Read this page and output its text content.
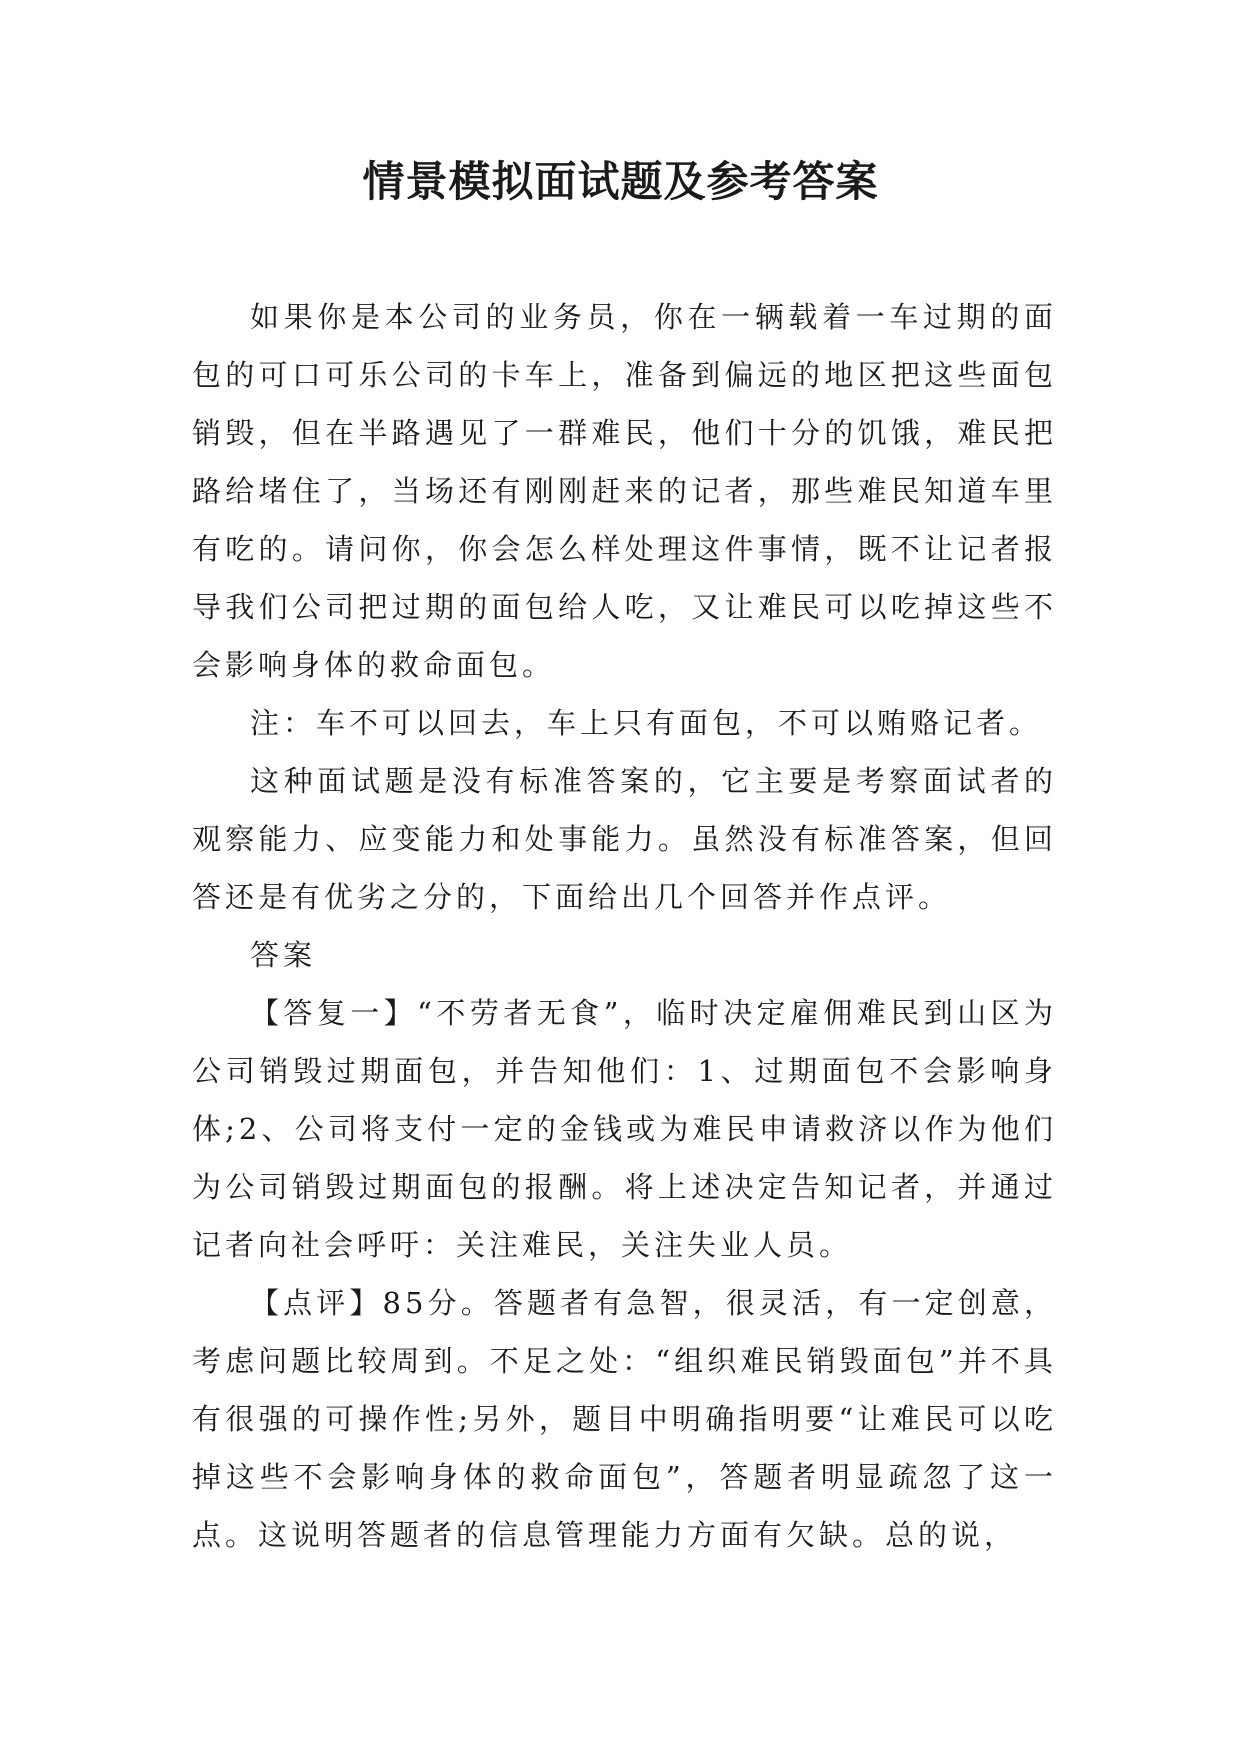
情景模拟面试题及参考答案

如果你是本公司的业务员，你在一辆载着一车过期的面包的可口可乐公司的卡车上，准备到偏远的地区把这些面包销毁，但在半路遇见了一群难民，他们十分的饥饿，难民把路给堵住了，当场还有刚刚赶来的记者，那些难民知道车里有吃的。请问你，你会怎么样处理这件事情，既不让记者报导我们公司把过期的面包给人吃，又让难民可以吃掉这些不会影响身体的救命面包。

注：车不可以回去，车上只有面包，不可以贿赂记者。

这种面试题是没有标准答案的，它主要是考察面试者的观察能力、应变能力和处事能力。虽然没有标准答案，但回答还是有优劣之分的，下面给出几个回答并作点评。

答案

【答复一】“不劳者无食”，临时决定雇佣难民到山区为公司销毁过期面包，并告知他们：1、过期面包不会影响身体;2、公司将支付一定的金钱或为难民申请救济以作为他们为公司销毁过期面包的报酬。将上述决定告知记者，并通过记者向社会呼吁：关注难民，关注失业人员。

【点评】85分。答题者有急智，很灵活，有一定创意，考虑问题比较周到。不足之处：“组织难民销毁面包”并不具有很强的可操作性;另外，题目中明确指明要“让难民可以吃掉这些不会影响身体的救命面包”，答题者明显疏忽了这一点。这说明答题者的信息管理能力方面有欠缺。总的说，
